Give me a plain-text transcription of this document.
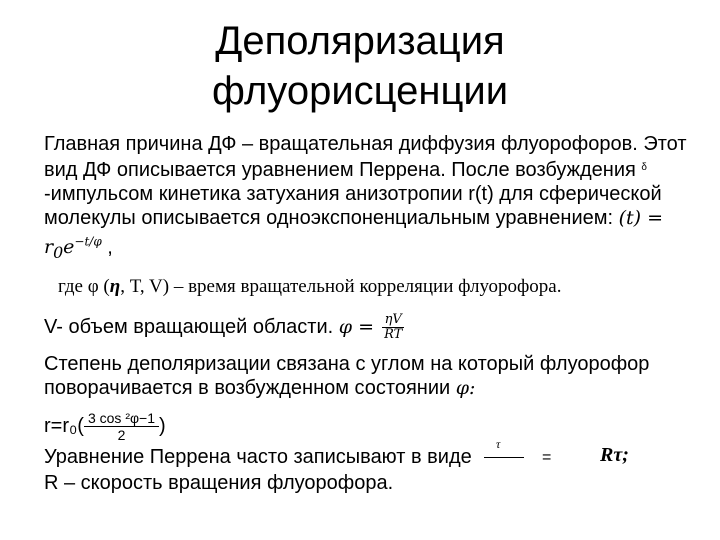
Деполяризация
флуорисценции
Главная причина ДФ – вращательная диффузия флуорофоров. Этот вид ДФ описывается уравнением Перрена. После возбуждения $^\delta$ -импульсом кинетика затухания анизотропии r(t) для сферической молекулы описывается одноэкспоненциальным уравнением: $(t) = r_0e^{-t/\varphi}$ ,
где φ (η, T, V) – время вращательной корреляции флуорофора.
V- объем вращающей области. $\varphi = \frac{\eta V}{RT}$
Степень деполяризации связана с углом на который флуорофор поворачивается в возбужденном состоянии φ:
$r=r_0( \frac{\text{3 cos ²φ−1}}{2}$ )
Уравнение Перрена часто записывают в виде
τ
= Rτ;
R – скорость вращения флуорофора.
